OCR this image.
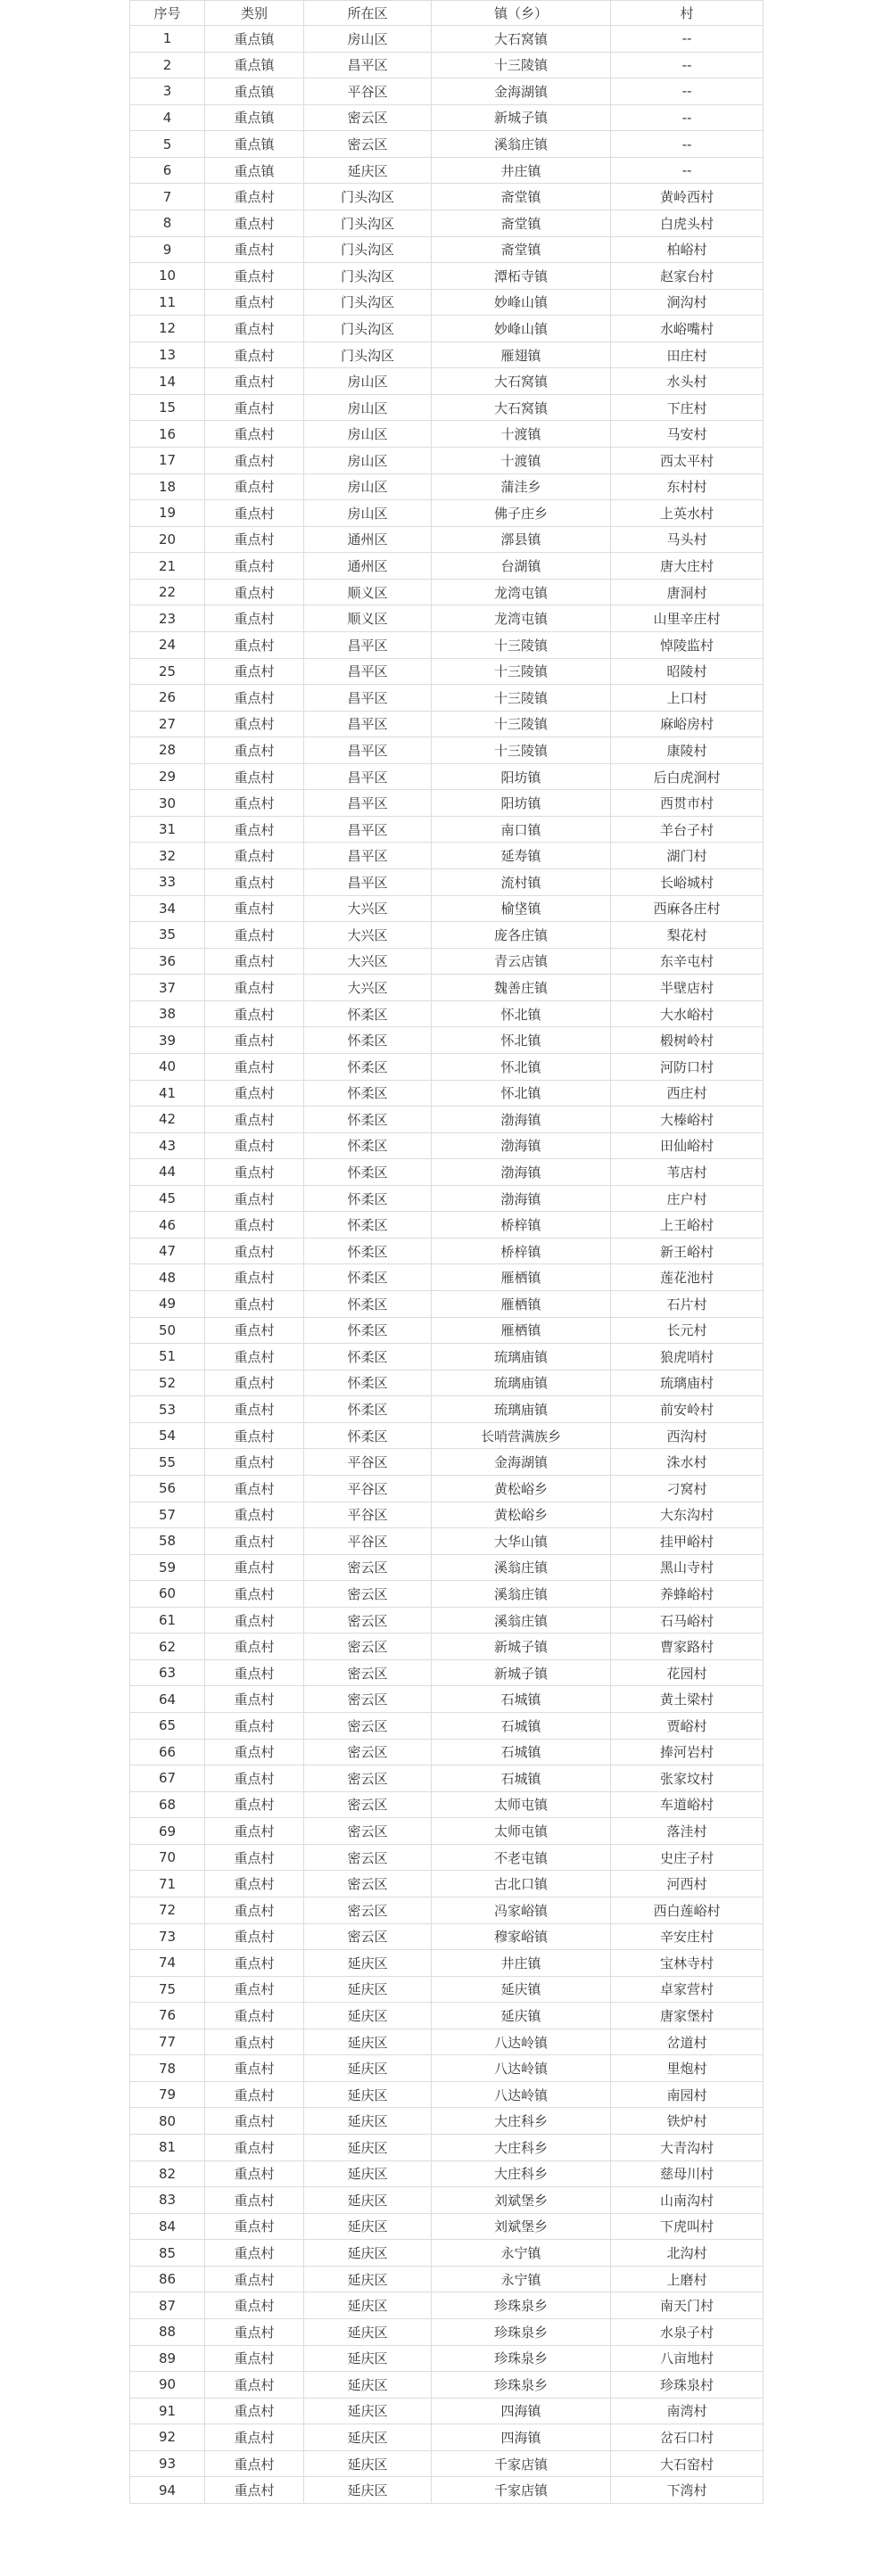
序号	类别	所在区	镇（乡）	村
1	重点镇	房山区	大石窝镇	--
2	重点镇	昌平区	十三陵镇	--
3	重点镇	平谷区	金海湖镇	--
4	重点镇	密云区	新城子镇	--
5	重点镇	密云区	溪翁庄镇	--
6	重点镇	延庆区	井庄镇	--
7	重点村	门头沟区	斋堂镇	黄岭西村
8	重点村	门头沟区	斋堂镇	白虎头村
9	重点村	门头沟区	斋堂镇	柏峪村
10	重点村	门头沟区	潭柘寺镇	赵家台村
11	重点村	门头沟区	妙峰山镇	涧沟村
12	重点村	门头沟区	妙峰山镇	水峪嘴村
13	重点村	门头沟区	雁翅镇	田庄村
14	重点村	房山区	大石窝镇	水头村
15	重点村	房山区	大石窝镇	下庄村
16	重点村	房山区	十渡镇	马安村
17	重点村	房山区	十渡镇	西太平村
18	重点村	房山区	蒲洼乡	东村村
19	重点村	房山区	佛子庄乡	上英水村
20	重点村	通州区	漷县镇	马头村
21	重点村	通州区	台湖镇	唐大庄村
22	重点村	顺义区	龙湾屯镇	唐洞村
23	重点村	顺义区	龙湾屯镇	山里辛庄村
24	重点村	昌平区	十三陵镇	悼陵监村
25	重点村	昌平区	十三陵镇	昭陵村
26	重点村	昌平区	十三陵镇	上口村
27	重点村	昌平区	十三陵镇	麻峪房村
28	重点村	昌平区	十三陵镇	康陵村
29	重点村	昌平区	阳坊镇	后白虎涧村
30	重点村	昌平区	阳坊镇	西贯市村
31	重点村	昌平区	南口镇	羊台子村
32	重点村	昌平区	延寿镇	湖门村
33	重点村	昌平区	流村镇	长峪城村
34	重点村	大兴区	榆垡镇	西麻各庄村
35	重点村	大兴区	庞各庄镇	梨花村
36	重点村	大兴区	青云店镇	东辛屯村
37	重点村	大兴区	魏善庄镇	半壁店村
38	重点村	怀柔区	怀北镇	大水峪村
39	重点村	怀柔区	怀北镇	椴树岭村
40	重点村	怀柔区	怀北镇	河防口村
41	重点村	怀柔区	怀北镇	西庄村
42	重点村	怀柔区	渤海镇	大榛峪村
43	重点村	怀柔区	渤海镇	田仙峪村
44	重点村	怀柔区	渤海镇	苇店村
45	重点村	怀柔区	渤海镇	庄户村
46	重点村	怀柔区	桥梓镇	上王峪村
47	重点村	怀柔区	桥梓镇	新王峪村
48	重点村	怀柔区	雁栖镇	莲花池村
49	重点村	怀柔区	雁栖镇	石片村
50	重点村	怀柔区	雁栖镇	长元村
51	重点村	怀柔区	琉璃庙镇	狼虎哨村
52	重点村	怀柔区	琉璃庙镇	琉璃庙村
53	重点村	怀柔区	琉璃庙镇	前安岭村
54	重点村	怀柔区	长哨营满族乡	西沟村
55	重点村	平谷区	金海湖镇	洙水村
56	重点村	平谷区	黄松峪乡	刁窝村
57	重点村	平谷区	黄松峪乡	大东沟村
58	重点村	平谷区	大华山镇	挂甲峪村
59	重点村	密云区	溪翁庄镇	黑山寺村
60	重点村	密云区	溪翁庄镇	养蜂峪村
61	重点村	密云区	溪翁庄镇	石马峪村
62	重点村	密云区	新城子镇	曹家路村
63	重点村	密云区	新城子镇	花园村
64	重点村	密云区	石城镇	黄土梁村
65	重点村	密云区	石城镇	贾峪村
66	重点村	密云区	石城镇	捧河岩村
67	重点村	密云区	石城镇	张家坟村
68	重点村	密云区	太师屯镇	车道峪村
69	重点村	密云区	太师屯镇	落洼村
70	重点村	密云区	不老屯镇	史庄子村
71	重点村	密云区	古北口镇	河西村
72	重点村	密云区	冯家峪镇	西白莲峪村
73	重点村	密云区	穆家峪镇	辛安庄村
74	重点村	延庆区	井庄镇	宝林寺村
75	重点村	延庆区	延庆镇	卓家营村
76	重点村	延庆区	延庆镇	唐家堡村
77	重点村	延庆区	八达岭镇	岔道村
78	重点村	延庆区	八达岭镇	里炮村
79	重点村	延庆区	八达岭镇	南园村
80	重点村	延庆区	大庄科乡	铁炉村
81	重点村	延庆区	大庄科乡	大青沟村
82	重点村	延庆区	大庄科乡	慈母川村
83	重点村	延庆区	刘斌堡乡	山南沟村
84	重点村	延庆区	刘斌堡乡	下虎叫村
85	重点村	延庆区	永宁镇	北沟村
86	重点村	延庆区	永宁镇	上磨村
87	重点村	延庆区	珍珠泉乡	南天门村
88	重点村	延庆区	珍珠泉乡	水泉子村
89	重点村	延庆区	珍珠泉乡	八亩地村
90	重点村	延庆区	珍珠泉乡	珍珠泉村
91	重点村	延庆区	四海镇	南湾村
92	重点村	延庆区	四海镇	岔石口村
93	重点村	延庆区	千家店镇	大石窑村
94	重点村	延庆区	千家店镇	下湾村
